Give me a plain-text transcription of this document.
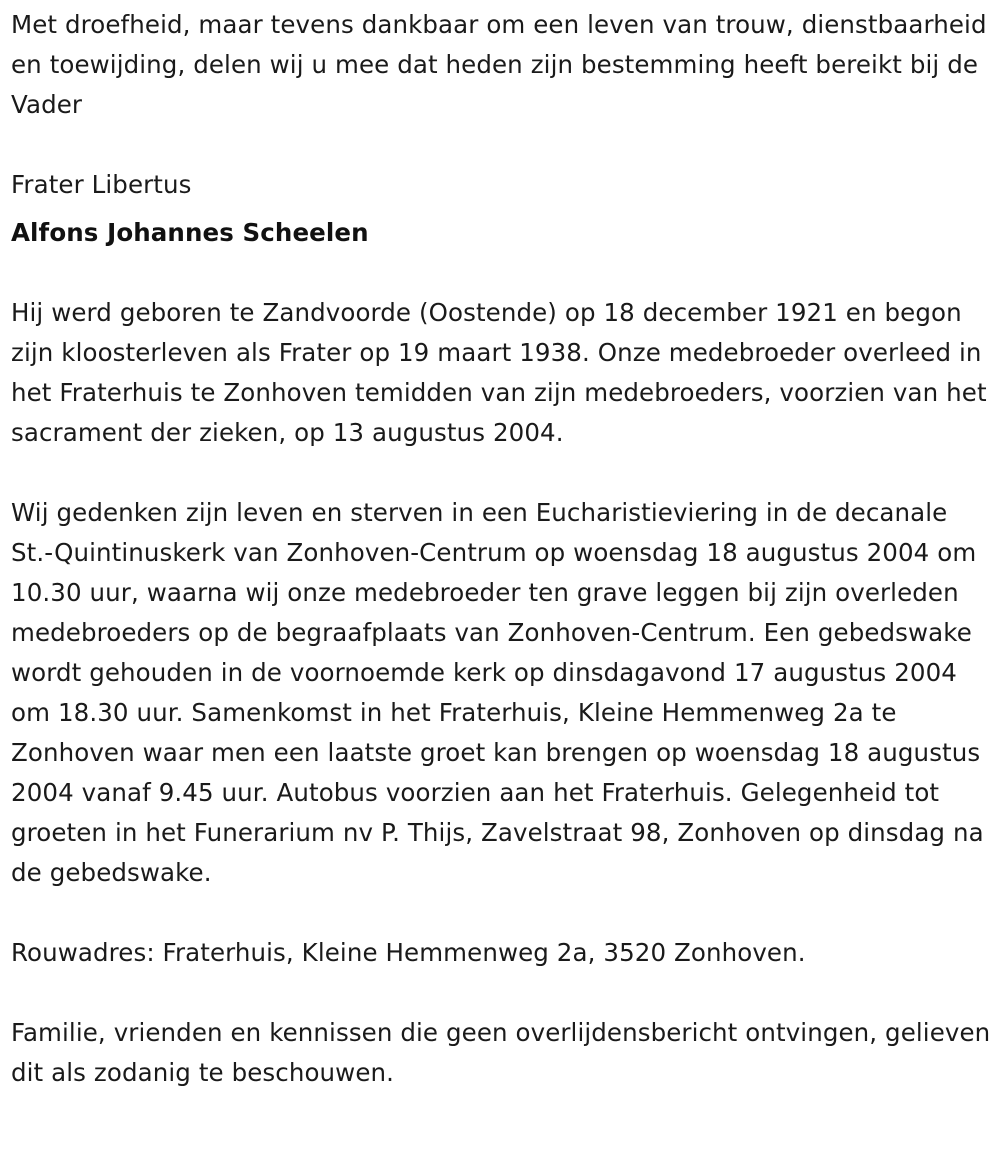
Met droefheid, maar tevens dankbaar om een leven van trouw, dienstbaarheid en toewijding, delen wij u mee dat heden zijn bestemming heeft bereikt bij de Vader

Frater Libertus

Alfons Johannes Scheelen

Hij werd geboren te Zandvoorde (Oostende) op 18 december 1921 en begon zijn kloosterleven als Frater op 19 maart 1938. Onze medebroeder overleed in het Fraterhuis te Zonhoven temidden van zijn medebroeders, voorzien van het sacrament der zieken, op 13 augustus 2004.

Wij gedenken zijn leven en sterven in een Eucharistieviering in de decanale St.-Quintinuskerk van Zonhoven-Centrum op woensdag 18 augustus 2004 om 10.30 uur, waarna wij onze medebroeder ten grave leggen bij zijn overleden medebroeders op de begraafplaats van Zonhoven-Centrum. Een gebedswake wordt gehouden in de voornoemde kerk op dinsdagavond 17 augustus 2004 om 18.30 uur. Samenkomst in het Fraterhuis, Kleine Hemmenweg 2a te Zonhoven waar men een laatste groet kan brengen op woensdag 18 augustus 2004 vanaf 9.45 uur. Autobus voorzien aan het Fraterhuis. Gelegenheid tot groeten in het Funerarium nv P. Thijs, Zavelstraat 98, Zonhoven op dinsdag na de gebedswake.

Rouwadres: Fraterhuis, Kleine Hemmenweg 2a, 3520 Zonhoven.

Familie, vrienden en kennissen die geen overlijdensbericht ontvingen, gelieven dit als zodanig te beschouwen.
